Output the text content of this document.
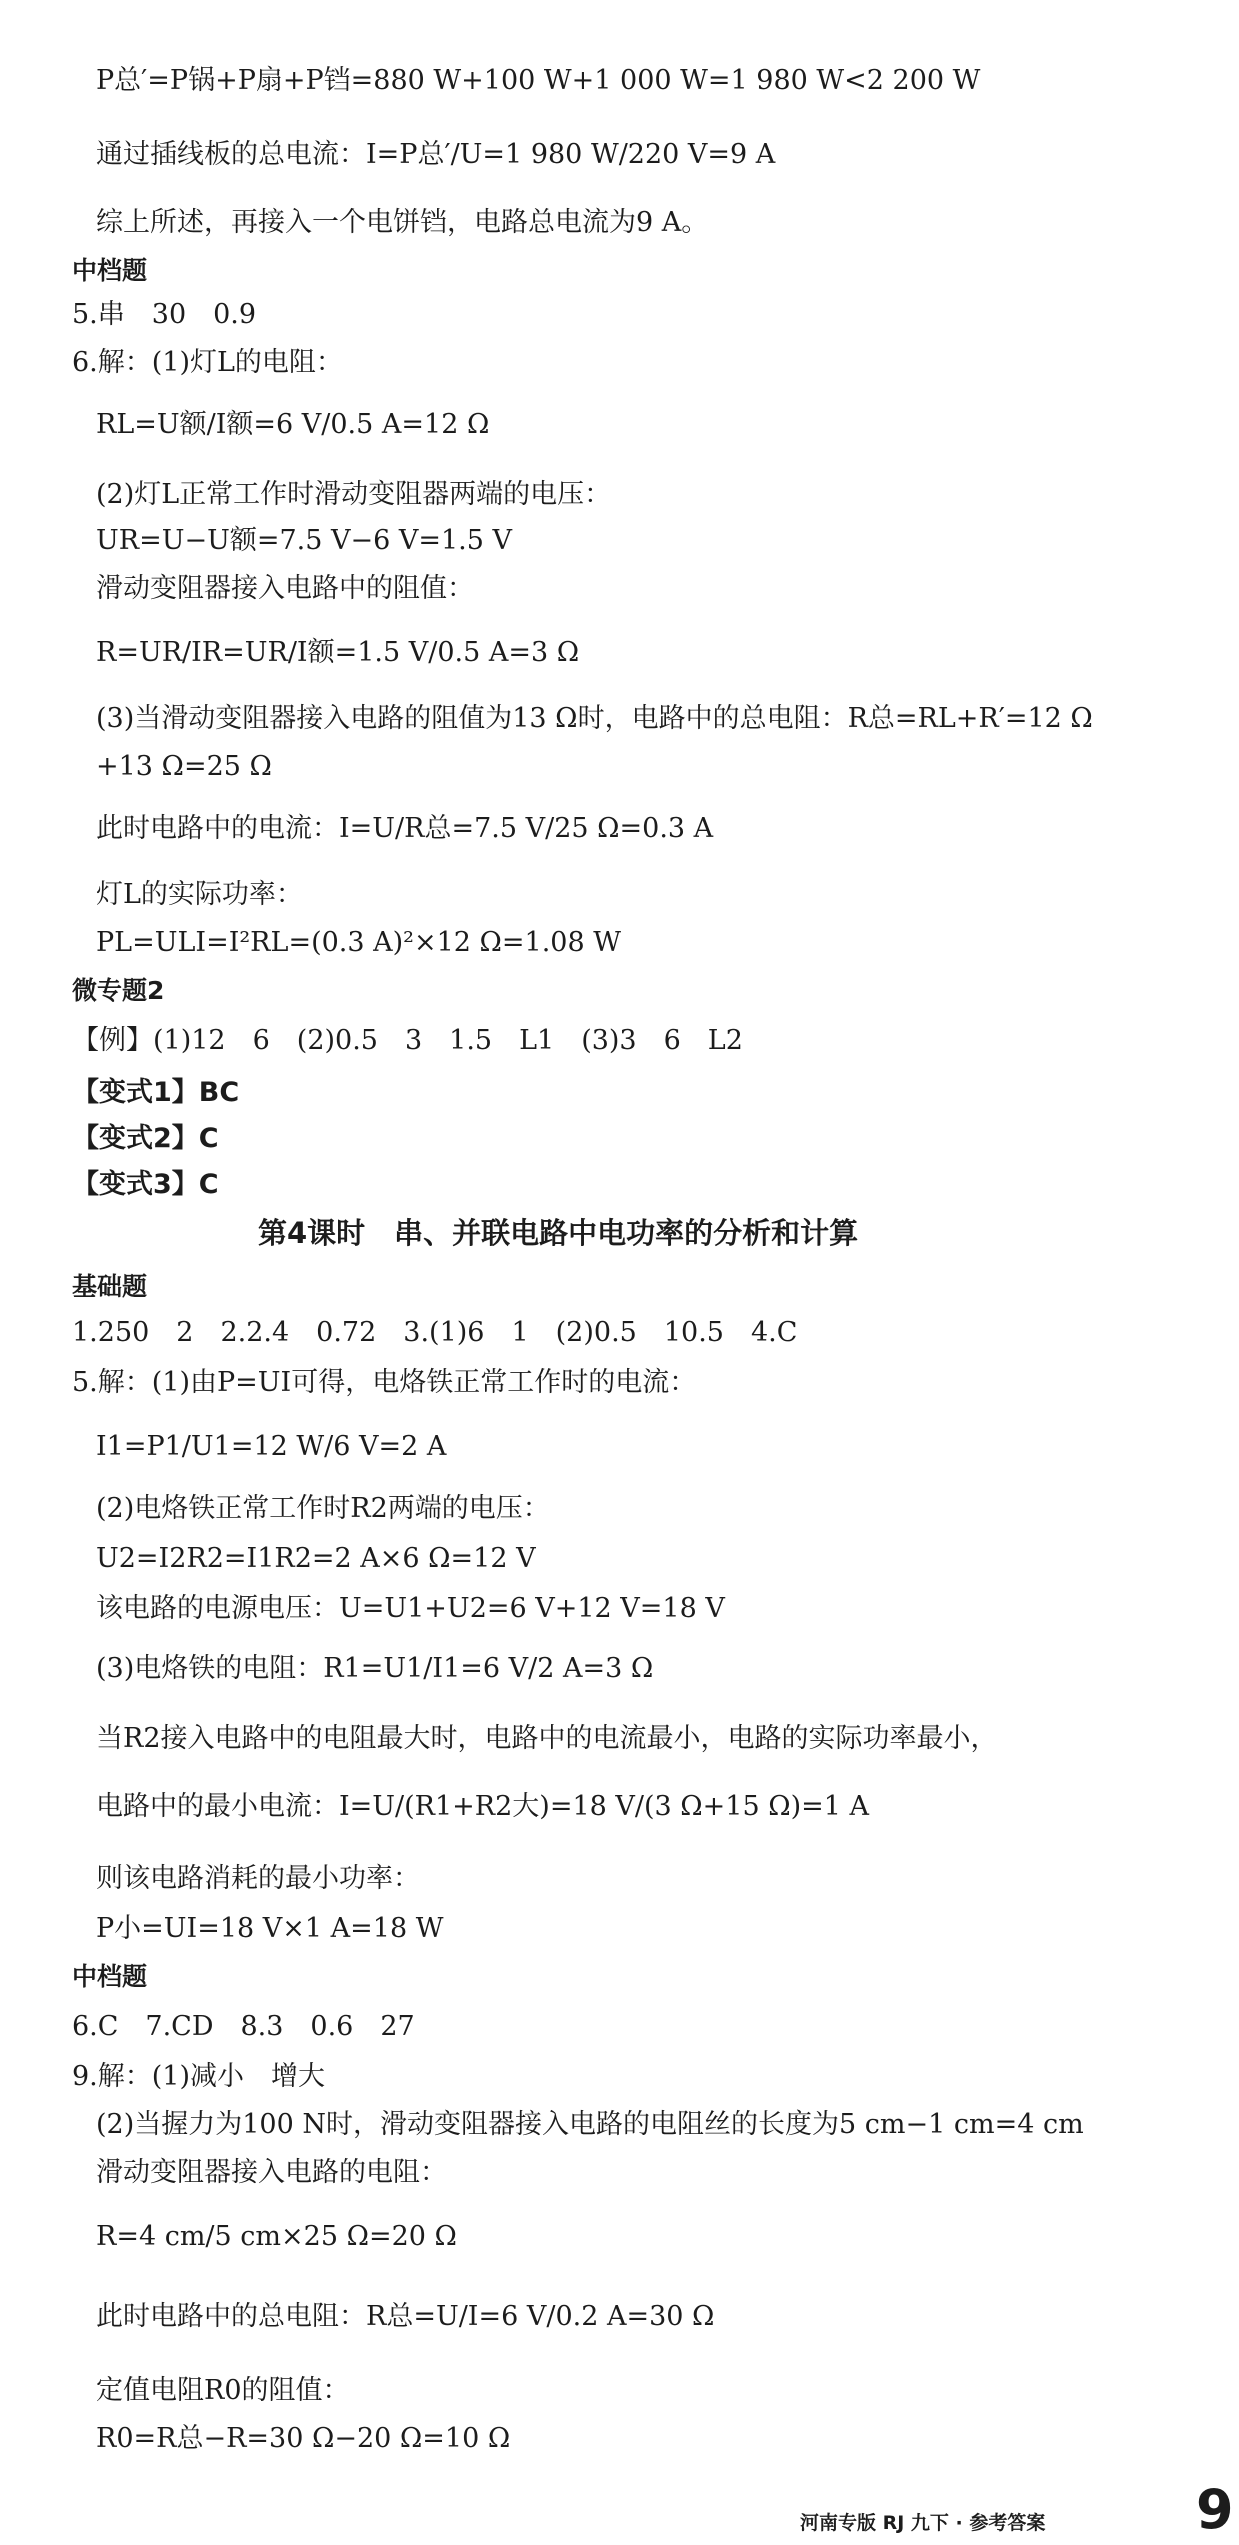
P总′=P锅+P扇+P铛=880 W+100 W+1 000 W=1 980 W<2 200 W
通过插线板的总电流：I=P总′/U=1 980 W/220 V=9 A
综上所述，再接入一个电饼铛，电路总电流为9 A。
中档题
5.串　30　0.9
6.解：(1)灯L的电阻：
RL=U额/I额=6 V/0.5 A=12 Ω
(2)灯L正常工作时滑动变阻器两端的电压：
UR=U−U额=7.5 V−6 V=1.5 V
滑动变阻器接入电路中的阻值：
R=UR/IR=UR/I额=1.5 V/0.5 A=3 Ω
(3)当滑动变阻器接入电路的阻值为13 Ω时，电路中的总电阻：R总=RL+R′=12 Ω
+13 Ω=25 Ω
此时电路中的电流：I=U/R总=7.5 V/25 Ω=0.3 A
灯L的实际功率：
PL=ULI=I²RL=(0.3 A)²×12 Ω=1.08 W
微专题2
【例】(1)12　6　(2)0.5　3　1.5　L1　(3)3　6　L2
【变式1】BC
【变式2】C
【变式3】C
第4课时　串、并联电路中电功率的分析和计算
基础题
1.250　2　2.2.4　0.72　3.(1)6　1　(2)0.5　10.5　4.C
5.解：(1)由P=UI可得，电烙铁正常工作时的电流：
I1=P1/U1=12 W/6 V=2 A
(2)电烙铁正常工作时R2两端的电压：
U2=I2R2=I1R2=2 A×6 Ω=12 V
该电路的电源电压：U=U1+U2=6 V+12 V=18 V
(3)电烙铁的电阻：R1=U1/I1=6 V/2 A=3 Ω
当R2接入电路中的电阻最大时，电路中的电流最小，电路的实际功率最小，
电路中的最小电流：I=U/(R1+R2大)=18 V/(3 Ω+15 Ω)=1 A
则该电路消耗的最小功率：
P小=UI=18 V×1 A=18 W
中档题
6.C　7.CD　8.3　0.6　27
9.解：(1)减小　增大
(2)当握力为100 N时，滑动变阻器接入电路的电阻丝的长度为5 cm−1 cm=4 cm
滑动变阻器接入电路的电阻：
R=4 cm/5 cm×25 Ω=20 Ω
此时电路中的总电阻：R总=U/I=6 V/0.2 A=30 Ω
定值电阻R0的阻值：
R0=R总−R=30 Ω−20 Ω=10 Ω
河南专版 RJ 九下 · 参考答案	9
